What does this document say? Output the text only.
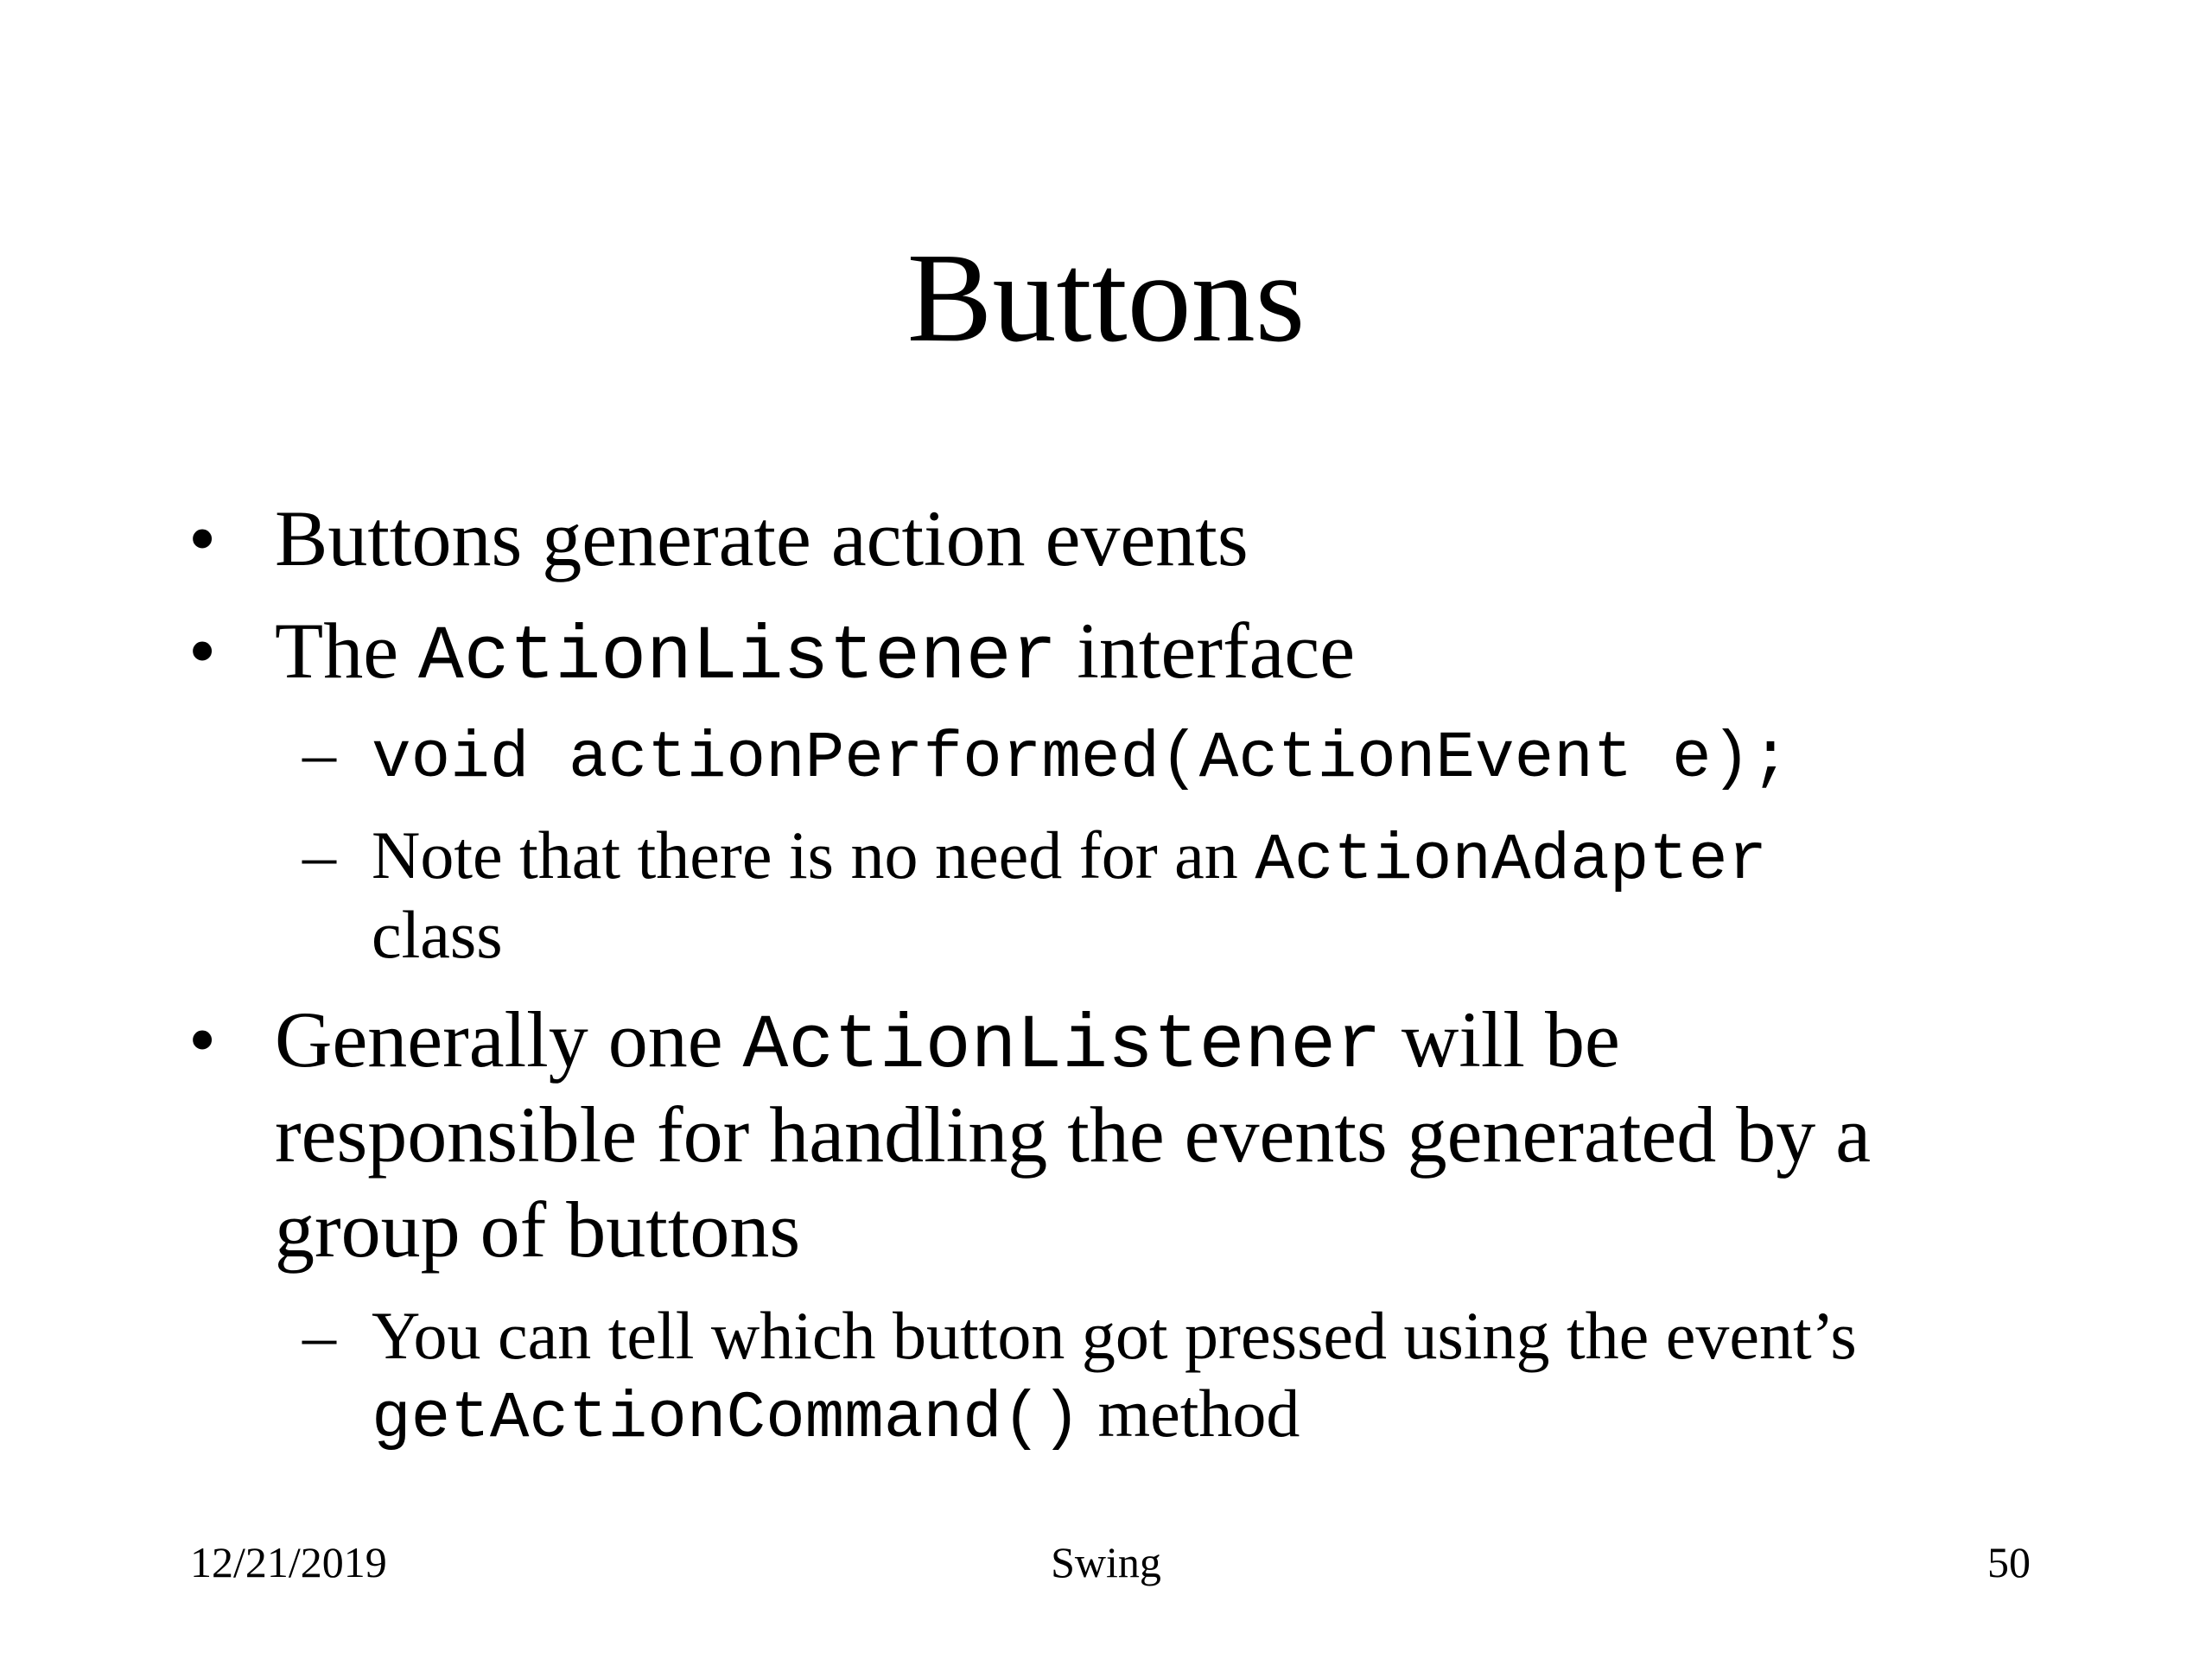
Buttons
• Buttons generate action events
• The ActionListener interface
– void actionPerformed(ActionEvent e);
– Note that there is no need for an ActionAdapter
class
• Generally one ActionListener will be
responsible for handling the events generated by a
group of buttons
– You can tell which button got pressed using the event’s
getActionCommand() method
12/21/2019	Swing	50
